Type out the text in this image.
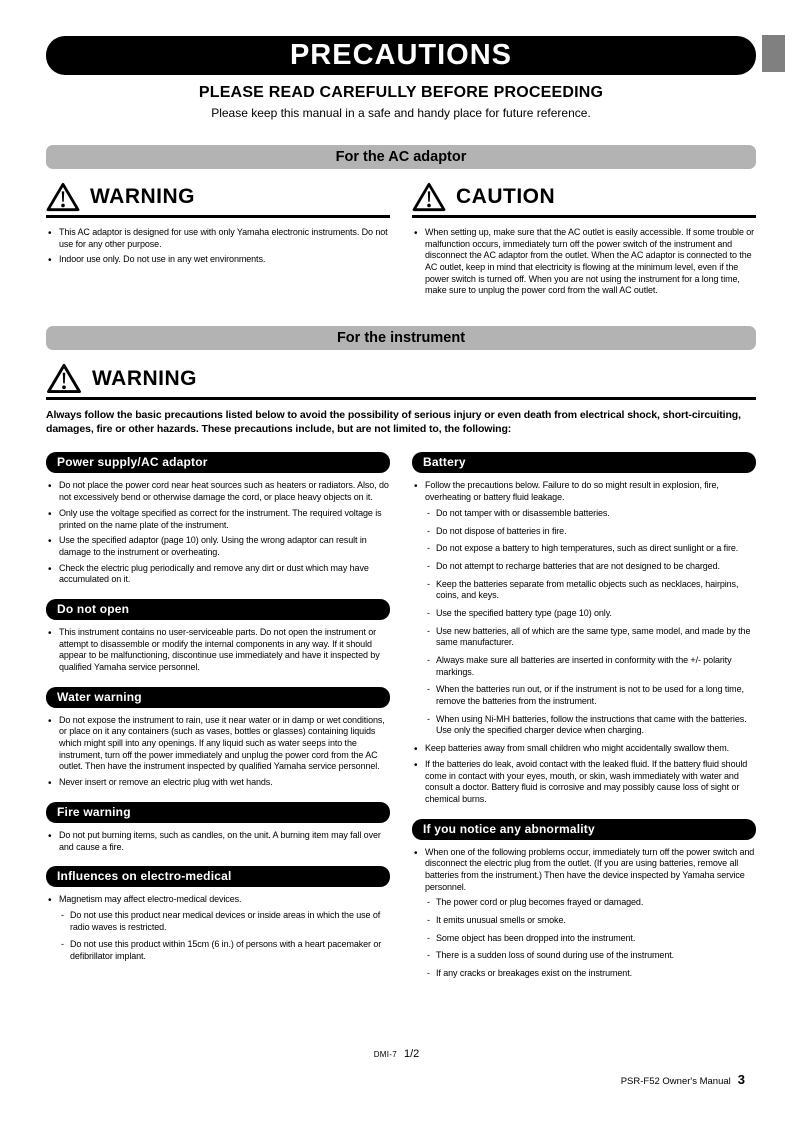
PRECAUTIONS
PLEASE READ CAREFULLY BEFORE PROCEEDING
Please keep this manual in a safe and handy place for future reference.
For the AC adaptor
WARNING
• This AC adaptor is designed for use with only Yamaha electronic instruments. Do not use for any other purpose.
• Indoor use only. Do not use in any wet environments.
CAUTION
• When setting up, make sure that the AC outlet is easily accessible. If some trouble or malfunction occurs, immediately turn off the power switch of the instrument and disconnect the AC adaptor from the outlet. When the AC adaptor is connected to the AC outlet, keep in mind that electricity is flowing at the minimum level, even if the power switch is turned off. When you are not using the instrument for a long time, make sure to unplug the power cord from the wall AC outlet.
For the instrument
WARNING

Always follow the basic precautions listed below to avoid the possibility of serious injury or even death from electrical shock, short-circuiting, damages, fire or other hazards. These precautions include, but are not limited to, the following:

Power supply/AC adaptor
• Do not place the power cord near heat sources such as heaters or radiators. Also, do not excessively bend or otherwise damage the cord, or place heavy objects on it.
• Only use the voltage specified as correct for the instrument. The required voltage is printed on the name plate of the instrument.
• Use the specified adaptor (page 10) only. Using the wrong adaptor can result in damage to the instrument or overheating.
• Check the electric plug periodically and remove any dirt or dust which may have accumulated on it.
Do not open
• This instrument contains no user-serviceable parts. Do not open the instrument or attempt to disassemble or modify the internal components in any way. If it should appear to be malfunctioning, discontinue use immediately and have it inspected by qualified Yamaha service personnel.
Water warning
• Do not expose the instrument to rain, use it near water or in damp or wet conditions, or place on it any containers (such as vases, bottles or glasses) containing liquids which might spill into any openings. If any liquid such as water seeps into the instrument, turn off the power immediately and unplug the power cord from the AC outlet. Then have the instrument inspected by qualified Yamaha service personnel.
• Never insert or remove an electric plug with wet hands.
Fire warning
• Do not put burning items, such as candles, on the unit. A burning item may fall over and cause a fire.
Influences on electro-medical
• Magnetism may affect electro-medical devices.
- Do not use this product near medical devices or inside areas in which the use of radio waves is restricted.
- Do not use this product within 15cm (6 in.) of persons with a heart pacemaker or defibrillator implant.
Battery
• Follow the precautions below. Failure to do so might result in explosion, fire, overheating or battery fluid leakage.
- Do not tamper with or disassemble batteries.
- Do not dispose of batteries in fire.
- Do not expose a battery to high temperatures, such as direct sunlight or a fire.
- Do not attempt to recharge batteries that are not designed to be charged.
- Keep the batteries separate from metallic objects such as necklaces, hairpins, coins, and keys.
- Use the specified battery type (page 10) only.
- Use new batteries, all of which are the same type, same model, and made by the same manufacturer.
- Always make sure all batteries are inserted in conformity with the +/- polarity markings.
- When the batteries run out, or if the instrument is not to be used for a long time, remove the batteries from the instrument.
- When using Ni-MH batteries, follow the instructions that came with the batteries. Use only the specified charger device when charging.
• Keep batteries away from small children who might accidentally swallow them.
• If the batteries do leak, avoid contact with the leaked fluid. If the battery fluid should come in contact with your eyes, mouth, or skin, wash immediately with water and consult a doctor. Battery fluid is corrosive and may possibly cause loss of sight or chemical burns.
If you notice any abnormality
• When one of the following problems occur, immediately turn off the power switch and disconnect the electric plug from the outlet. (If you are using batteries, remove all batteries from the instrument.) Then have the device inspected by Yamaha service personnel.
- The power cord or plug becomes frayed or damaged.
- It emits unusual smells or smoke.
- Some object has been dropped into the instrument.
- There is a sudden loss of sound during use of the instrument.
- If any cracks or breakages exist on the instrument.
DMI-7 1/2
PSR-F52 Owner's Manual 3
